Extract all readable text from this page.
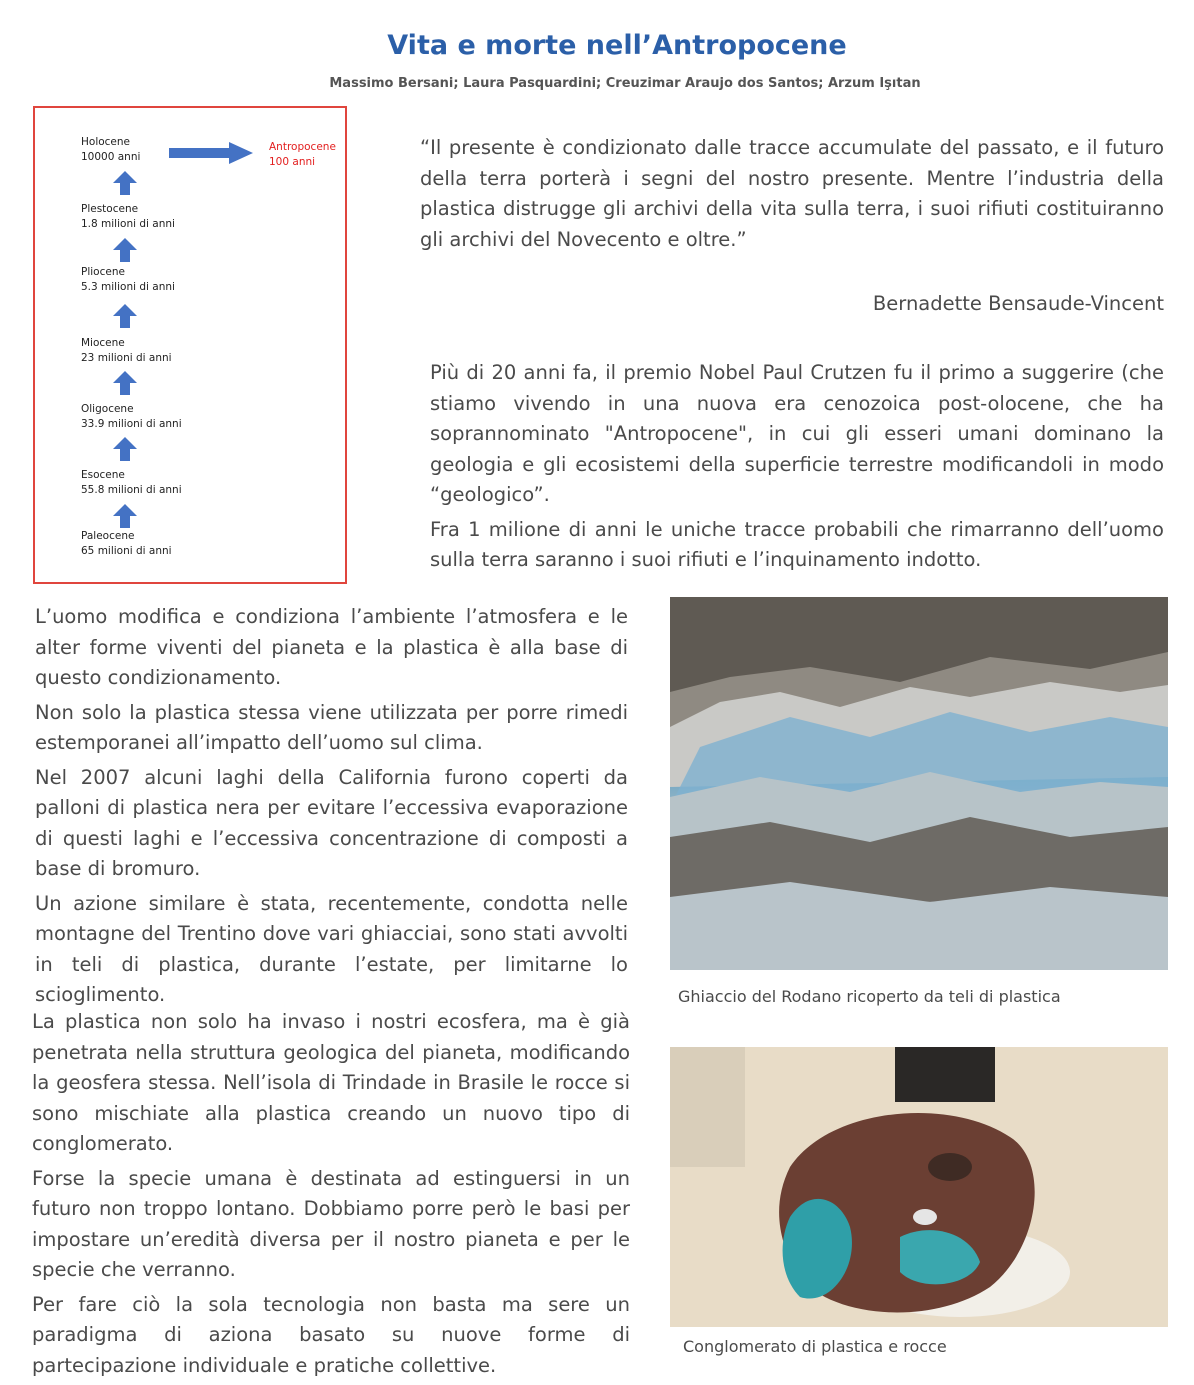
Vita e morte nell’Antropocene
Massimo Bersani; Laura Pasquardini; Creuzimar Araujo dos Santos; Arzum Işıtan
Holocene
10000 anni
Antropocene
100 anni
Plestocene
1.8 milioni di anni
Pliocene
5.3 milioni di anni
Miocene
23 milioni di anni
Oligocene
33.9 milioni di anni
Esocene
55.8 milioni di anni
Paleocene
65 milioni di anni
“Il presente è condizionato dalle tracce accumulate del passato, e il futuro della terra porterà i segni del nostro presente. Mentre l’industria della plastica distrugge gli archivi della vita sulla terra, i suoi rifiuti costituiranno gli archivi del Novecento e oltre.”
Bernadette Bensaude-Vincent

Più di 20 anni fa, il premio Nobel Paul Crutzen fu il primo a suggerire (che stiamo vivendo in una nuova era cenozoica post-olocene, che ha soprannominato "Antropocene", in cui gli esseri umani dominano la geologia e gli ecosistemi della superficie terrestre modificandoli in modo “geologico”.

Fra 1 milione di anni le uniche tracce probabili che rimarranno dell’uomo sulla terra saranno i suoi rifiuti e l’inquinamento indotto.

L’uomo modifica e condiziona l’ambiente l’atmosfera e le alter forme viventi del pianeta e la plastica è alla base di questo condizionamento.

Non solo la plastica stessa viene utilizzata per porre rimedi estemporanei all’impatto dell’uomo sul clima.

Nel 2007 alcuni laghi della California furono coperti da palloni di plastica nera per evitare l’eccessiva evaporazione di questi laghi e l’eccessiva concentrazione di composti a base di bromuro.

Un azione similare è stata, recentemente, condotta nelle montagne del Trentino dove vari ghiacciai, sono stati avvolti in teli di plastica, durante l’estate, per limitarne lo scioglimento.

La plastica non solo ha invaso i nostri ecosfera, ma è già penetrata nella struttura geologica del pianeta, modificando la geosfera stessa. Nell’isola di Trindade in Brasile le rocce si sono mischiate alla plastica creando un nuovo tipo di conglomerato.

Forse la specie umana è destinata ad estinguersi in un futuro non troppo lontano. Dobbiamo porre però le basi per impostare un’eredità diversa per il nostro pianeta e per le specie che verranno.

Per fare ciò la sola tecnologia non basta ma sere un paradigma di aziona basato su nuove forme di partecipazione individuale e pratiche collettive.

Ghiaccio del Rodano ricoperto da teli di plastica
Conglomerato di plastica e rocce
